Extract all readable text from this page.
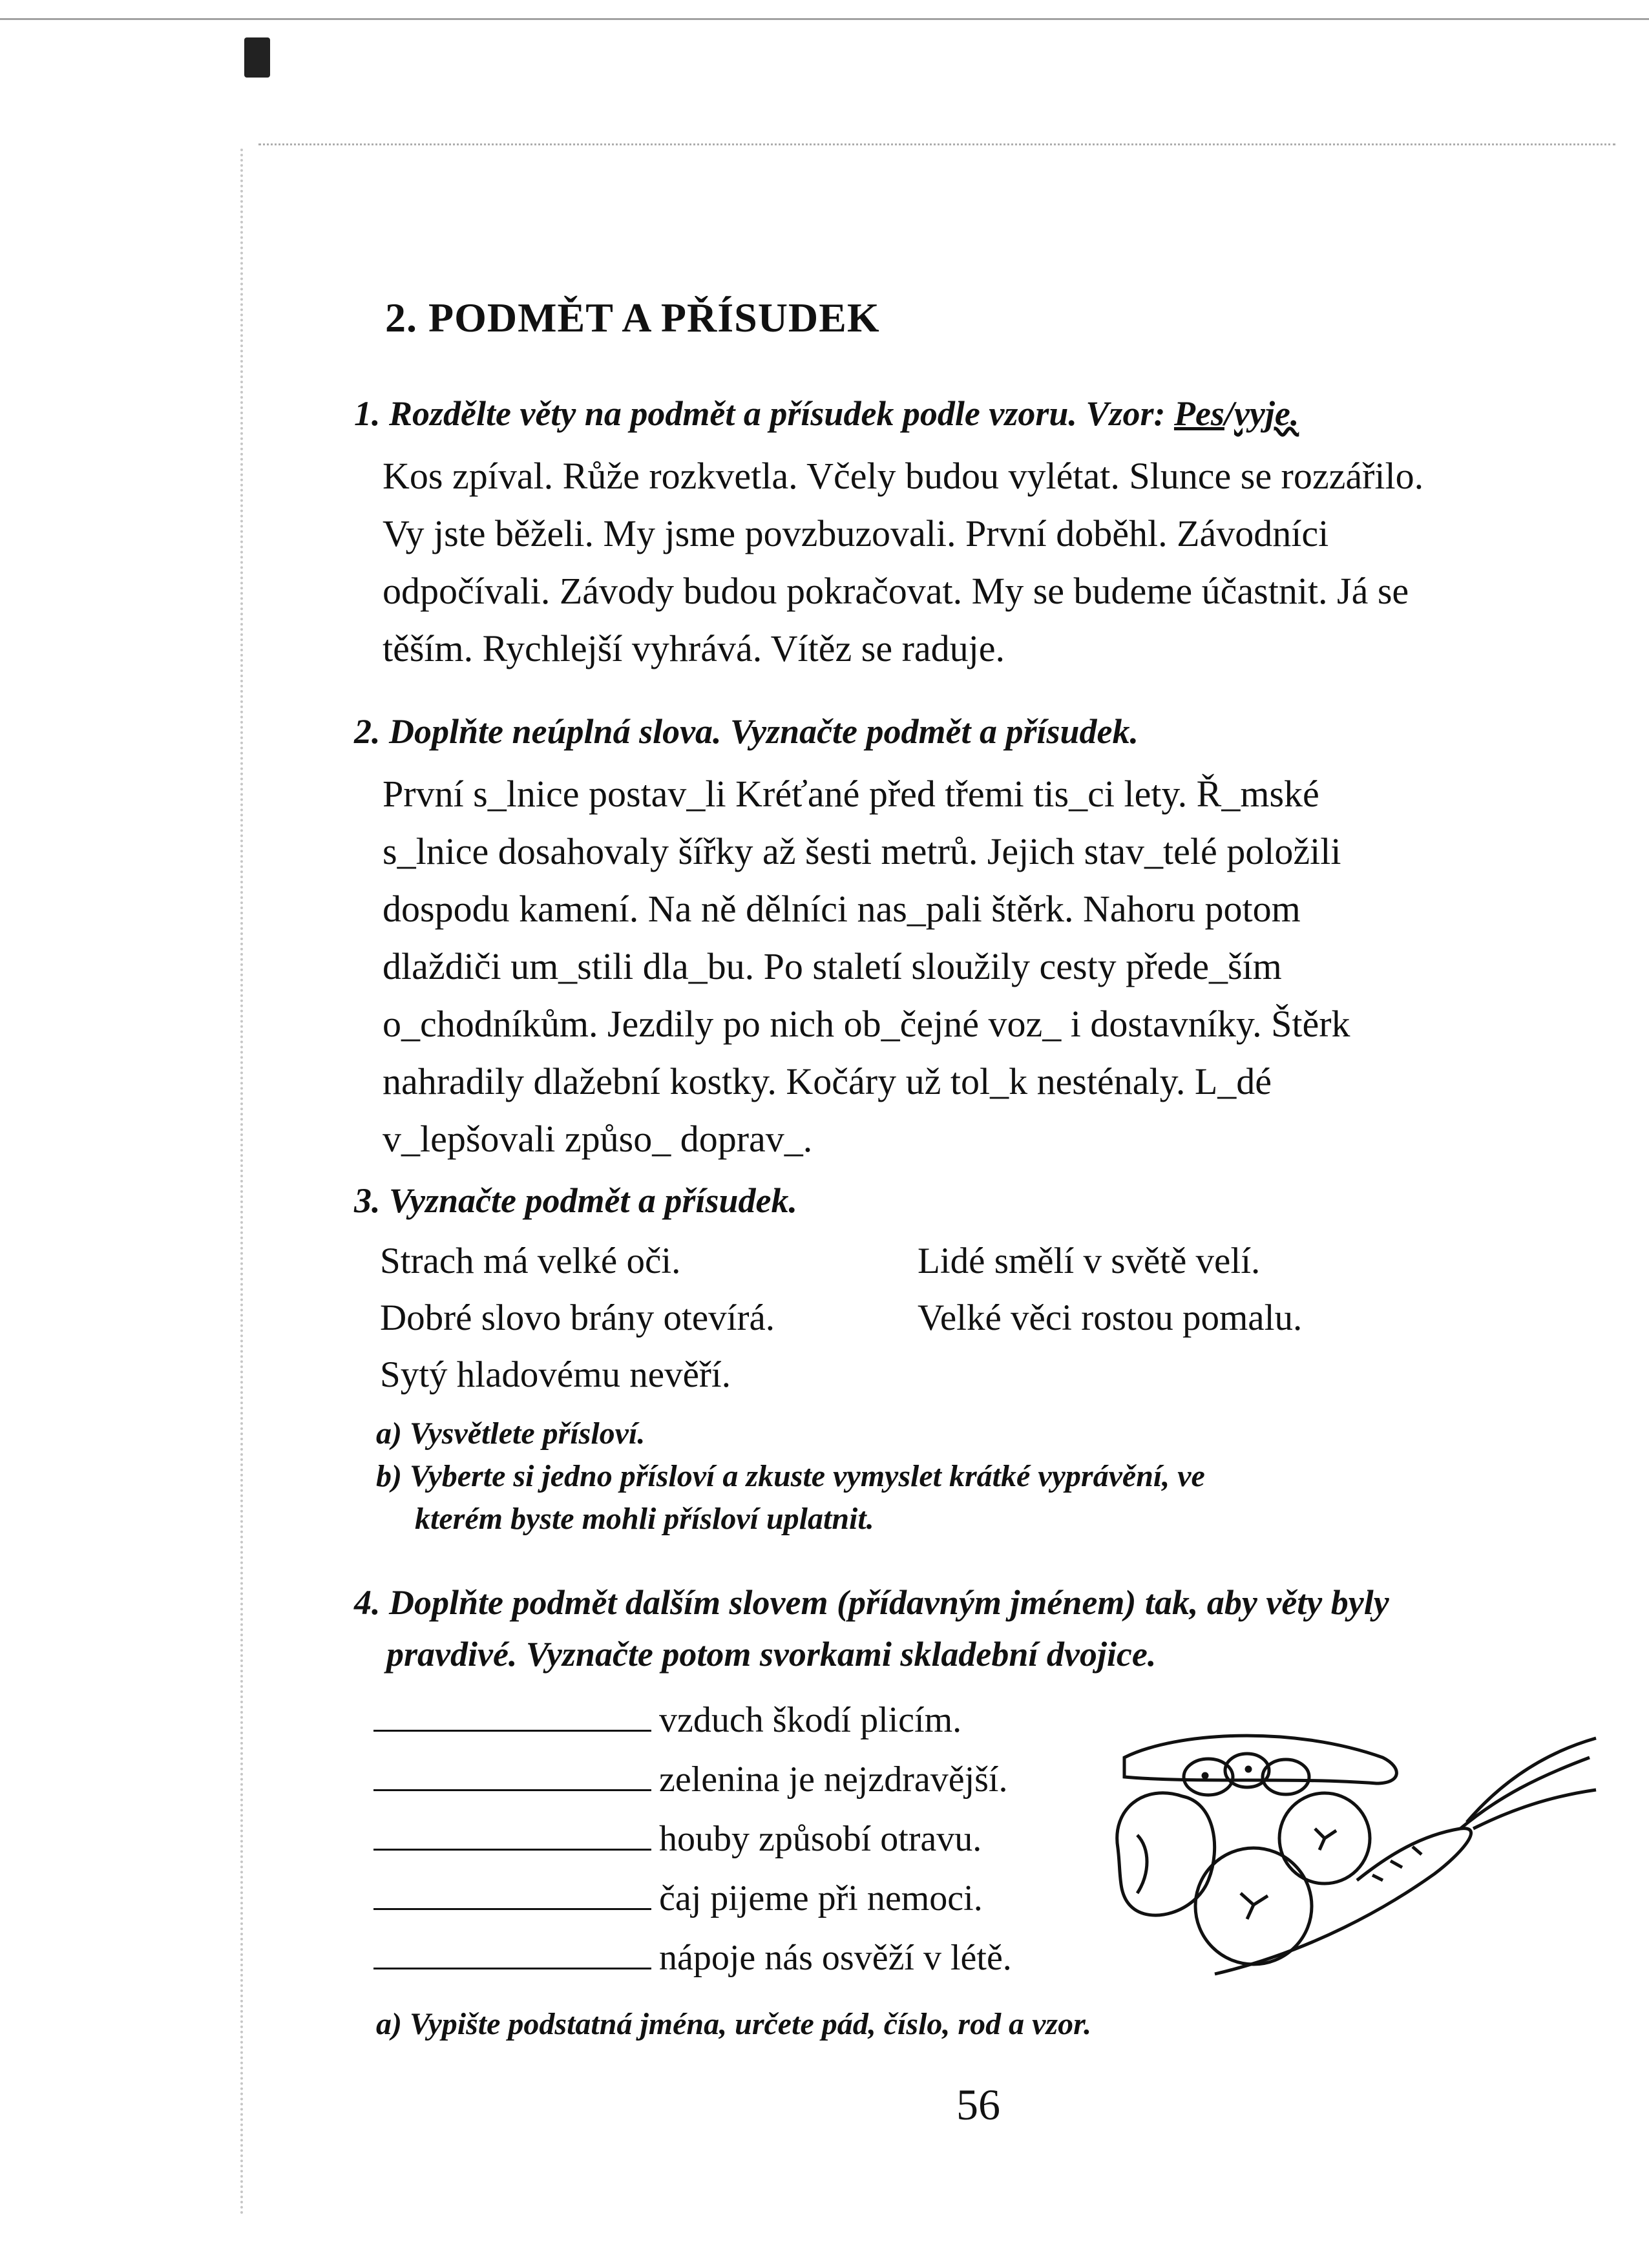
2. PODMĚT A PŘÍSUDEK
1. Rozdělte věty na podmět a přísudek podle vzoru. Vzor: Pes/vyje.
Kos zpíval. Růže rozkvetla. Včely budou vylétat. Slunce se rozzářilo.
Vy jste běželi. My jsme povzbuzovali. První doběhl. Závodníci
odpočívali. Závody budou pokračovat. My se budeme účastnit. Já se
těším. Rychlejší vyhrává. Vítěz se raduje.
2. Doplňte neúplná slova. Vyznačte podmět a přísudek.
První s_lnice postav_li Kréťané před třemi tis_ci lety. Ř_mské
s_lnice dosahovaly šířky až šesti metrů. Jejich stav_telé položili
dospodu kamení. Na ně dělníci nas_pali štěrk. Nahoru potom
dlaždiči um_stili dla_bu. Po staletí sloužily cesty přede_ším
o_chodníkům. Jezdily po nich ob_čejné voz_ i dostavníky. Štěrk
nahradily dlažební kostky. Kočáry už tol_k nesténaly. L_dé
v_lepšovali způso_ doprav_.
3. Vyznačte podmět a přísudek.
Strach má velké oči.
Dobré slovo brány otevírá.
Sytý hladovému nevěří.
Lidé smělí v světě velí.
Velké věci rostou pomalu.
a) Vysvětlete přísloví.
b) Vyberte si jedno přísloví a zkuste vymyslet krátké vyprávění, ve
kterém byste mohli přísloví uplatnit.
4. Doplňte podmět dalším slovem (přídavným jménem) tak, aby věty byly
pravdivé. Vyznačte potom svorkami skladební dvojice.
vzduch škodí plicím.
zelenina je nejzdravější.
houby způsobí otravu.
čaj pijeme při nemoci.
nápoje nás osvěží v létě.
a) Vypište podstatná jména, určete pád, číslo, rod a vzor.
56
